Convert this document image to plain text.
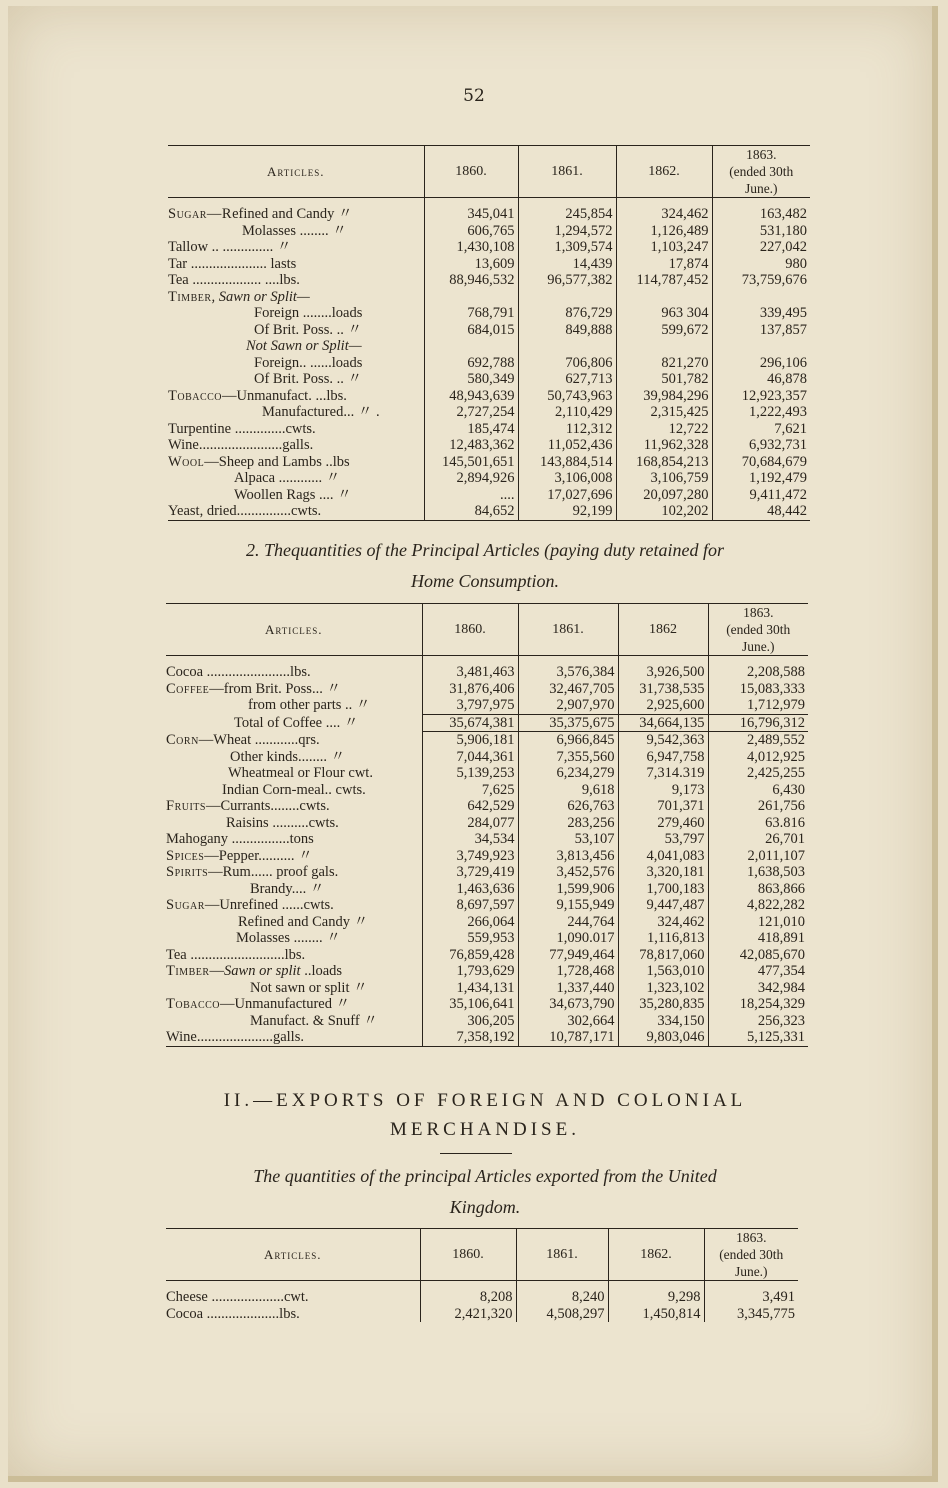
52
Articles.	1860.	1861.	1862.	1863.
(ended 30th
June.)
Sugar—Refined and Candy 〃	345,041	245,854	324,462	163,482
Molasses ........ 〃	606,765	1,294,572	1,126,489	531,180
Tallow .. .............. 〃	1,430,108	1,309,574	1,103,247	227,042
Tar ..................... lasts	13,609	14,439	17,874	980
Tea ................... ....lbs.	88,946,532	96,577,382	114,787,452	73,759,676
Timber, Sawn or Split—				
Foreign ........loads	768,791	876,729	963 304	339,495
Of Brit. Poss. .. 〃	684,015	849,888	599,672	137,857
Not Sawn or Split—				
Foreign.. ......loads	692,788	706,806	821,270	296,106
Of Brit. Poss. .. 〃	580,349	627,713	501,782	46,878
Tobacco—Unmanufact. ...lbs.	48,943,639	50,743,963	39,984,296	12,923,357
Manufactured... 〃 .	2,727,254	2,110,429	2,315,425	1,222,493
Turpentine ..............cwts.	185,474	112,312	12,722	7,621
Wine.......................galls.	12,483,362	11,052,436	11,962,328	6,932,731
Wool—Sheep and Lambs ..lbs	145,501,651	143,884,514	168,854,213	70,684,679
Alpaca ............ 〃	2,894,926	3,106,008	3,106,759	1,192,479
Woollen Rags .... 〃	....	17,027,696	20,097,280	9,411,472
Yeast, dried...............cwts.	84,652	92,199	102,202	48,442
2. Thequantities of the Principal Articles (paying duty retained for
Home Consumption.
Articles.	1860.	1861.	1862	1863.
(ended 30th
June.)
Cocoa .......................lbs.	3,481,463	3,576,384	3,926,500	2,208,588
Coffee—from Brit. Poss... 〃	31,876,406	32,467,705	31,738,535	15,083,333
from other parts .. 〃	3,797,975	2,907,970	2,925,600	1,712,979
Total of Coffee .... 〃	35,674,381	35,375,675	34,664,135	16,796,312
Corn—Wheat ............qrs.	5,906,181	6,966,845	9,542,363	2,489,552
Other kinds........ 〃	7,044,361	7,355,560	6,947,758	4,012,925
Wheatmeal or Flour cwt.	5,139,253	6,234,279	7,314.319	2,425,255
Indian Corn-meal.. cwts.	7,625	9,618	9,173	6,430
Fruits—Currants........cwts.	642,529	626,763	701,371	261,756
Raisins ..........cwts.	284,077	283,256	279,460	63.816
Mahogany ................tons	34,534	53,107	53,797	26,701
Spices—Pepper.......... 〃	3,749,923	3,813,456	4,041,083	2,011,107
Spirits—Rum...... proof gals.	3,729,419	3,452,576	3,320,181	1,638,503
Brandy.... 〃	1,463,636	1,599,906	1,700,183	863,866
Sugar—Unrefined ......cwts.	8,697,597	9,155,949	9,447,487	4,822,282
Refined and Candy 〃	266,064	244,764	324,462	121,010
Molasses ........ 〃	559,953	1,090.017	1,116,813	418,891
Tea ..........................lbs.	76,859,428	77,949,464	78,817,060	42,085,670
Timber—Sawn or split ..loads	1,793,629	1,728,468	1,563,010	477,354
Not sawn or split 〃	1,434,131	1,337,440	1,323,102	342,984
Tobacco—Unmanufactured 〃	35,106,641	34,673,790	35,280,835	18,254,329
Manufact. & Snuff 〃	306,205	302,664	334,150	256,323
Wine.....................galls.	7,358,192	10,787,171	9,803,046	5,125,331
II.—EXPORTS OF FOREIGN AND COLONIAL
MERCHANDISE.
The quantities of the principal Articles exported from the United
Kingdom.
Articles.	1860.	1861.	1862.	1863.
(ended 30th
June.)
Cheese ....................cwt.	8,208	8,240	9,298	3,491
Cocoa ....................lbs.	2,421,320	4,508,297	1,450,814	3,345,775
